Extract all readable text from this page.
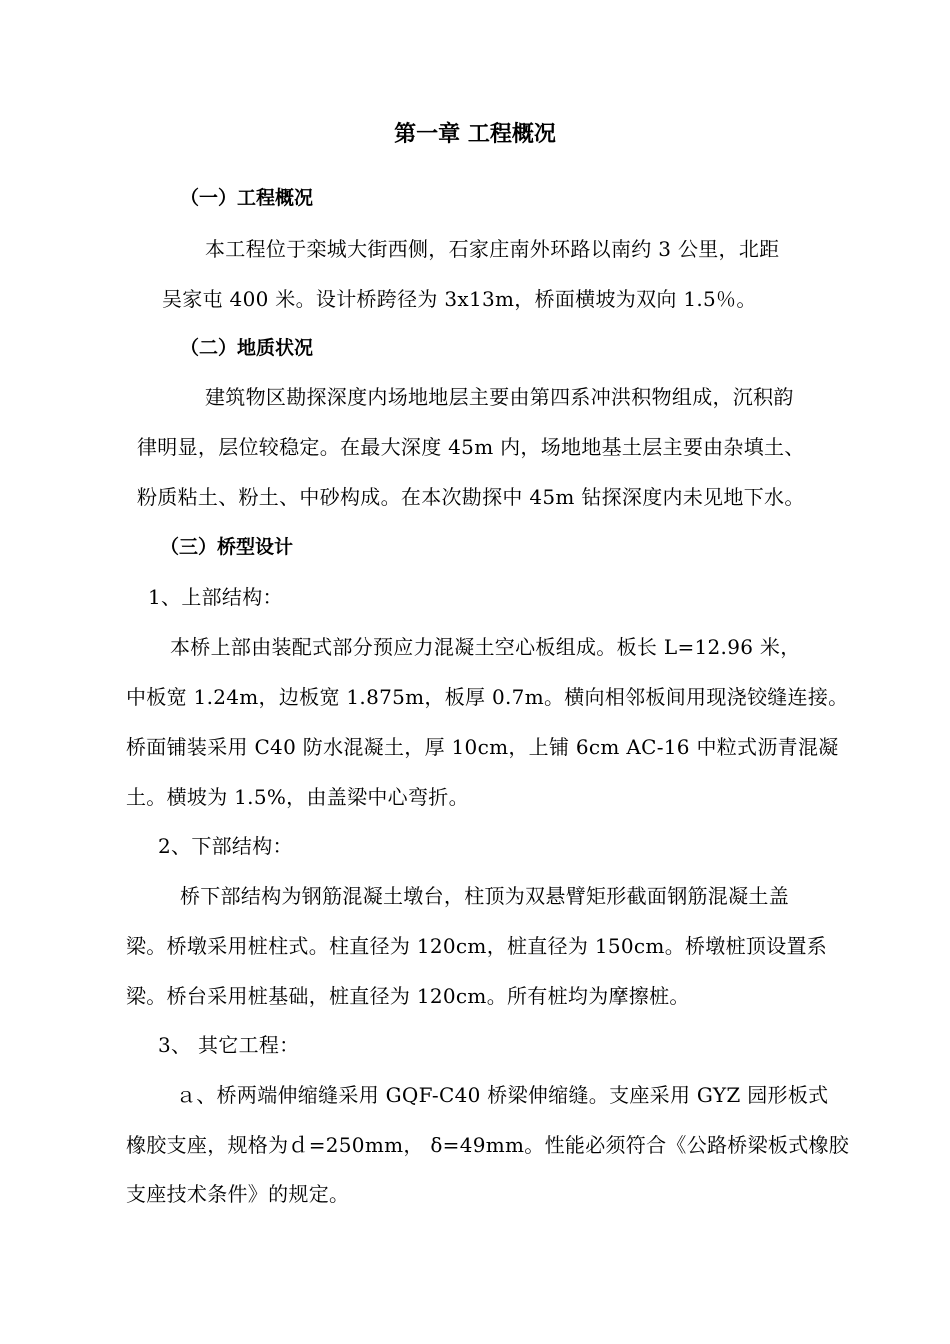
第一章 工程概况
（一）工程概况
本工程位于栾城大街西侧，石家庄南外环路以南约 3 公里，北距
吴家屯 400 米。设计桥跨径为 3x13m，桥面横坡为双向 1.5％。
（二）地质状况
建筑物区勘探深度内场地地层主要由第四系冲洪积物组成，沉积韵
律明显，层位较稳定。在最大深度 45m 内，场地地基土层主要由杂填土、
粉质粘土、粉土、中砂构成。在本次勘探中 45m 钻探深度内未见地下水。
（三）桥型设计
1、上部结构：
本桥上部由装配式部分预应力混凝土空心板组成。板长 L=12.96 米，
中板宽 1.24m，边板宽 1.875m，板厚 0.7m。横向相邻板间用现浇铰缝连接。
桥面铺装采用 C40 防水混凝土，厚 10cm，上铺 6cm AC-16 中粒式沥青混凝
土。横坡为 1.5%，由盖梁中心弯折。
2、下部结构：
桥下部结构为钢筋混凝土墩台，柱顶为双悬臂矩形截面钢筋混凝土盖
梁。桥墩采用桩柱式。柱直径为 120cm，桩直径为 150cm。桥墩桩顶设置系
梁。桥台采用桩基础，桩直径为 120cm。所有桩均为摩擦桩。
3、 其它工程：
ａ、桥两端伸缩缝采用 GQF-C40 桥梁伸缩缝。支座采用 GYZ 园形板式
橡胶支座，规格为ｄ=250mm， δ=49mm。性能必须符合《公路桥梁板式橡胶
支座技术条件》的规定。
